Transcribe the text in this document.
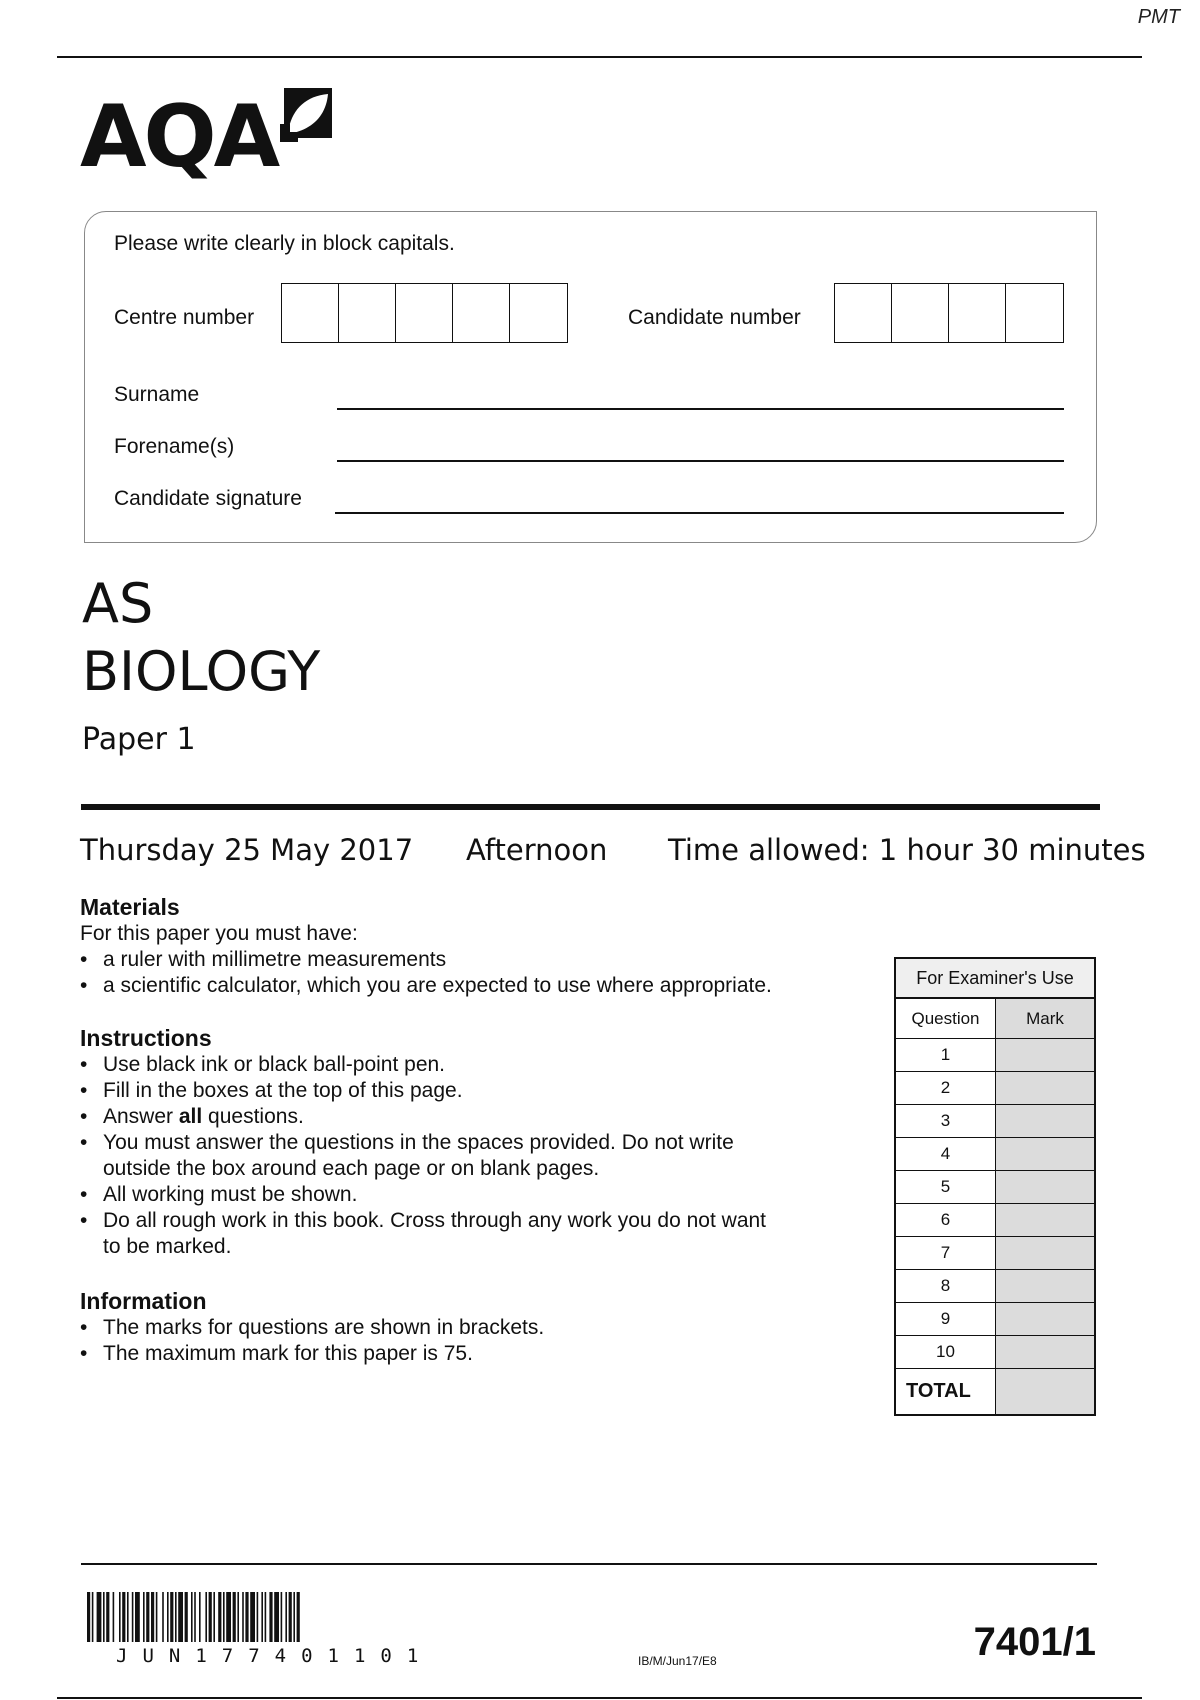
PMT
AQA
Please write clearly in block capitals.
Centre number	Candidate number
Surname
Forename(s)
Candidate signature
AS
BIOLOGY
Paper 1
Thursday 25 May 2017 Afternoon Time allowed: 1 hour 30 minutes
Materials
For this paper you must have:
• a ruler with millimetre measurements
• a scientific calculator, which you are expected to use where appropriate.
Instructions
• Use black ink or black ball-point pen.
• Fill in the boxes at the top of this page.
• Answer all questions.
• You must answer the questions in the spaces provided. Do not write
outside the box around each page or on blank pages.
• All working must be shown.
• Do all rough work in this book. Cross through any work you do not want
to be marked.
Information
• The marks for questions are shown in brackets.
• The maximum mark for this paper is 75.
For Examiner's Use
Question	Mark
1
2
3
4
5
6
7
8
9
10
TOTAL
JUN177401101	IB/M/Jun17/E8	7401/1
